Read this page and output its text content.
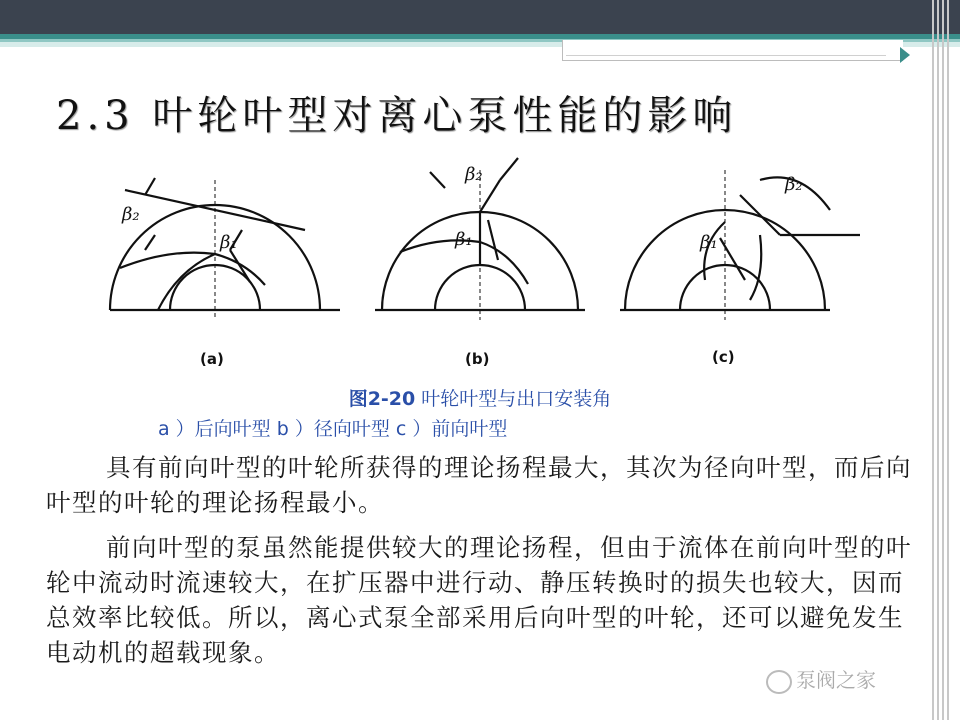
2.3 叶轮叶型对离心泵性能的影响
β₂
β₁
β₂
β₁
β₂
β₁
(a)	(b)	(c)
图2-20 叶轮叶型与出口安装角
a ）后向叶型 b ）径向叶型 c ）前向叶型
具有前向叶型的叶轮所获得的理论扬程最大，其次为径向叶型，而后向叶型的叶轮的理论扬程最小。
前向叶型的泵虽然能提供较大的理论扬程，但由于流体在前向叶型的叶轮中流动时流速较大，在扩压器中进行动、静压转换时的损失也较大，因而总效率比较低。所以，离心式泵全部采用后向叶型的叶轮，还可以避免发生电动机的超载现象。
泵阀之家
